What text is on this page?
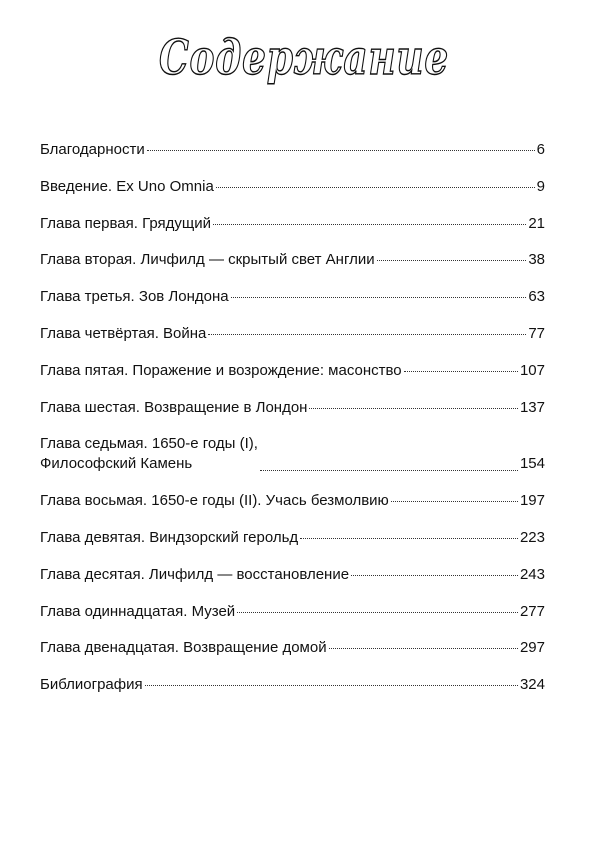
Содержание
Благодарности	6
Введение. Ex Uno Omnia	9
Глава первая. Грядущий	21
Глава вторая. Личфилд — скрытый свет Англии	38
Глава третья. Зов Лондона	63
Глава четвёртая. Война	77
Глава пятая. Поражение и возрождение: масонство	107
Глава шестая. Возвращение в Лондон	137
Глава седьмая. 1650-е годы (I),
Философский Камень	154
Глава восьмая. 1650-е годы (II). Учась безмолвию	197
Глава девятая. Виндзорский герольд	223
Глава десятая. Личфилд — восстановление	243
Глава одиннадцатая. Музей	277
Глава двенадцатая. Возвращение домой	297
Библиография	324
